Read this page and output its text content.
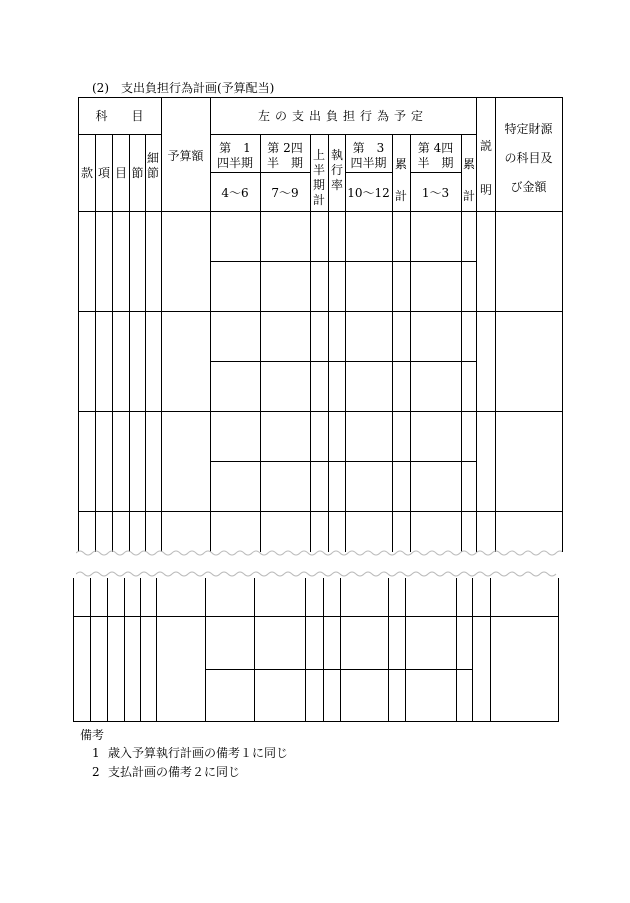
(2)　支出負担行為計画(予算配当)
科　　目	左の支出負担行為予定
款 項 目 節
細節
予算額
第　1
四半期
4〜6
第 2四
半　期
7〜9
上半期計
執行率
第　3
四半期
10〜12
累計
第 4四
半　期
1〜3
累計
説明
特定財源
の科目及
び金額
備考
1 歳入予算執行計画の備考１に同じ
2 支払計画の備考２に同じ
